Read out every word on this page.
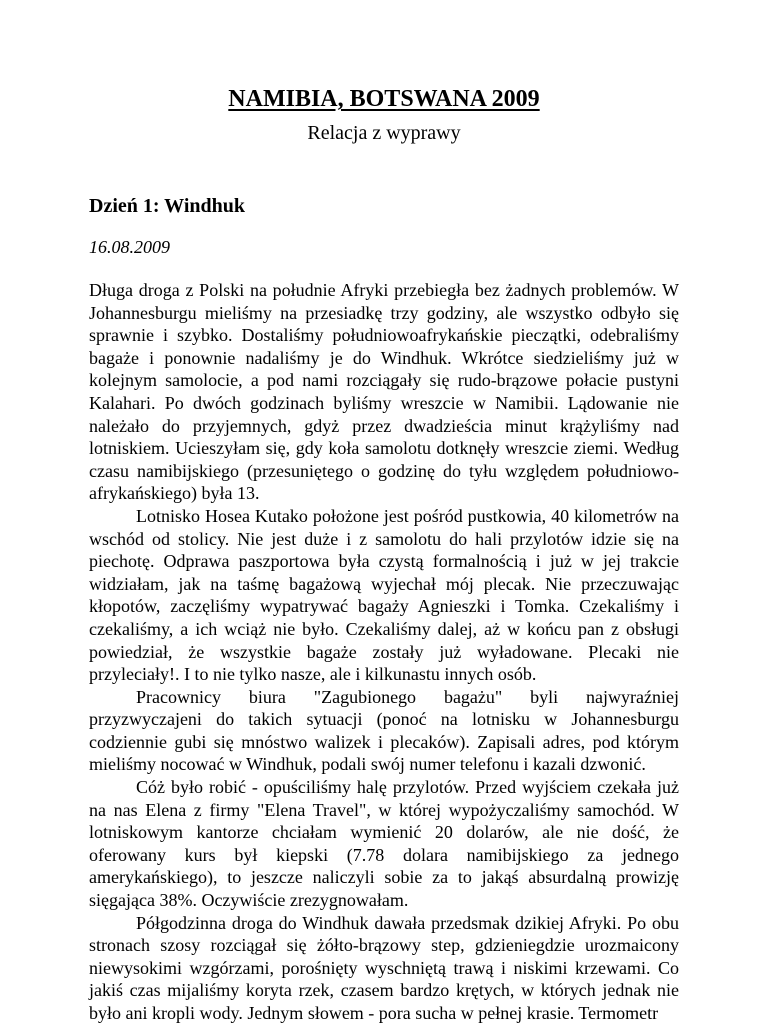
NAMIBIA, BOTSWANA 2009

Relacja z wyprawy

Dzień 1: Windhuk

16.08.2009

Długa droga z Polski na południe Afryki przebiegła bez żadnych problemów. W Johannesburgu mieliśmy na przesiadkę trzy godziny, ale wszystko odbyło się sprawnie i szybko. Dostaliśmy południowoafrykańskie pieczątki, odebraliśmy bagaże i ponownie nadaliśmy je do Windhuk. Wkrótce siedzieliśmy już w kolejnym samolocie, a pod nami rozciągały się rudo-brązowe połacie pustyni Kalahari. Po dwóch godzinach byliśmy wreszcie w Namibii. Lądowanie nie należało do przyjemnych, gdyż przez dwadzieścia minut krążyliśmy nad lotniskiem. Ucieszyłam się, gdy koła samolotu dotknęły wreszcie ziemi. Według czasu namibijskiego (przesuniętego o godzinę do tyłu względem południowo-afrykańskiego) była 13.

Lotnisko Hosea Kutako położone jest pośród pustkowia, 40 kilometrów na wschód od stolicy. Nie jest duże i z samolotu do hali przylotów idzie się na piechotę. Odprawa paszportowa była czystą formalnością i już w jej trakcie widziałam, jak na taśmę bagażową wyjechał mój plecak. Nie przeczuwając kłopotów, zaczęliśmy wypatrywać bagaży Agnieszki i Tomka. Czekaliśmy i czekaliśmy, a ich wciąż nie było. Czekaliśmy dalej, aż w końcu pan z obsługi powiedział, że wszystkie bagaże zostały już wyładowane. Plecaki nie przyleciały!. I to nie tylko nasze, ale i kilkunastu innych osób.

Pracownicy biura "Zagubionego bagażu" byli najwyraźniej przyzwyczajeni do takich sytuacji (ponoć na lotnisku w Johannesburgu codziennie gubi się mnóstwo walizek i plecaków). Zapisali adres, pod którym mieliśmy nocować w Windhuk, podali swój numer telefonu i kazali dzwonić.

Cóż było robić - opuściliśmy halę przylotów. Przed wyjściem czekała już na nas Elena z firmy "Elena Travel", w której wypożyczaliśmy samochód. W lotniskowym kantorze chciałam wymienić 20 dolarów, ale nie dość, że oferowany kurs był kiepski (7.78 dolara namibijskiego za jednego amerykańskiego), to jeszcze naliczyli sobie za to jakąś absurdalną prowizję sięgająca 38%. Oczywiście zrezygnowałam.

Półgodzinna droga do Windhuk dawała przedsmak dzikiej Afryki. Po obu stronach szosy rozciągał się żółto-brązowy step, gdzieniegdzie urozmaicony niewysokimi wzgórzami, porośnięty wyschniętą trawą i niskimi krzewami. Co jakiś czas mijaliśmy koryta rzek, czasem bardzo krętych, w których jednak nie było ani kropli wody. Jednym słowem - pora sucha w pełnej krasie. Termometr
